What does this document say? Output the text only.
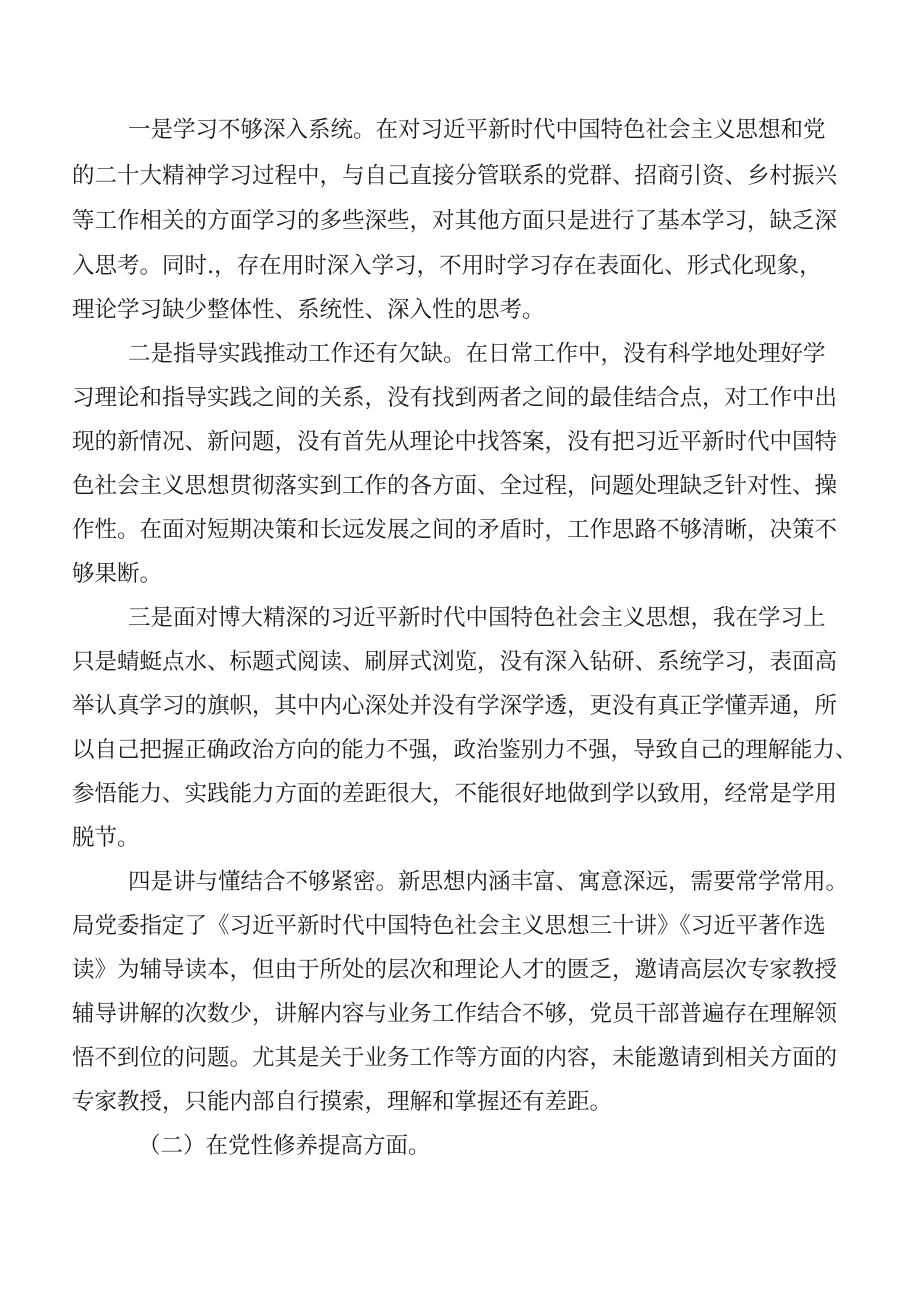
一是学习不够深入系统。在对习近平新时代中国特色社会主义思想和党
的二十大精神学习过程中，与自己直接分管联系的党群、招商引资、乡村振兴
等工作相关的方面学习的多些深些，对其他方面只是进行了基本学习，缺乏深
入思考。同时.，存在用时深入学习，不用时学习存在表面化、形式化现象，
理论学习缺少整体性、系统性、深入性的思考。
二是指导实践推动工作还有欠缺。在日常工作中，没有科学地处理好学
习理论和指导实践之间的关系，没有找到两者之间的最佳结合点，对工作中出
现的新情况、新问题，没有首先从理论中找答案，没有把习近平新时代中国特
色社会主义思想贯彻落实到工作的各方面、全过程，问题处理缺乏针对性、操
作性。在面对短期决策和长远发展之间的矛盾时，工作思路不够清晰，决策不
够果断。
三是面对博大精深的习近平新时代中国特色社会主义思想，我在学习上
只是蜻蜓点水、标题式阅读、刷屏式浏览，没有深入钻研、系统学习，表面高
举认真学习的旗帜，其中内心深处并没有学深学透，更没有真正学懂弄通，所
以自己把握正确政治方向的能力不强，政治鉴别力不强，导致自己的理解能力、
参悟能力、实践能力方面的差距很大，不能很好地做到学以致用，经常是学用
脱节。
四是讲与懂结合不够紧密。新思想内涵丰富、寓意深远，需要常学常用。
局党委指定了《习近平新时代中国特色社会主义思想三十讲》《习近平著作选
读》为辅导读本，但由于所处的层次和理论人才的匮乏，邀请高层次专家教授
辅导讲解的次数少，讲解内容与业务工作结合不够，党员干部普遍存在理解领
悟不到位的问题。尤其是关于业务工作等方面的内容，未能邀请到相关方面的
专家教授，只能内部自行摸索，理解和掌握还有差距。
（二）在党性修养提高方面。
